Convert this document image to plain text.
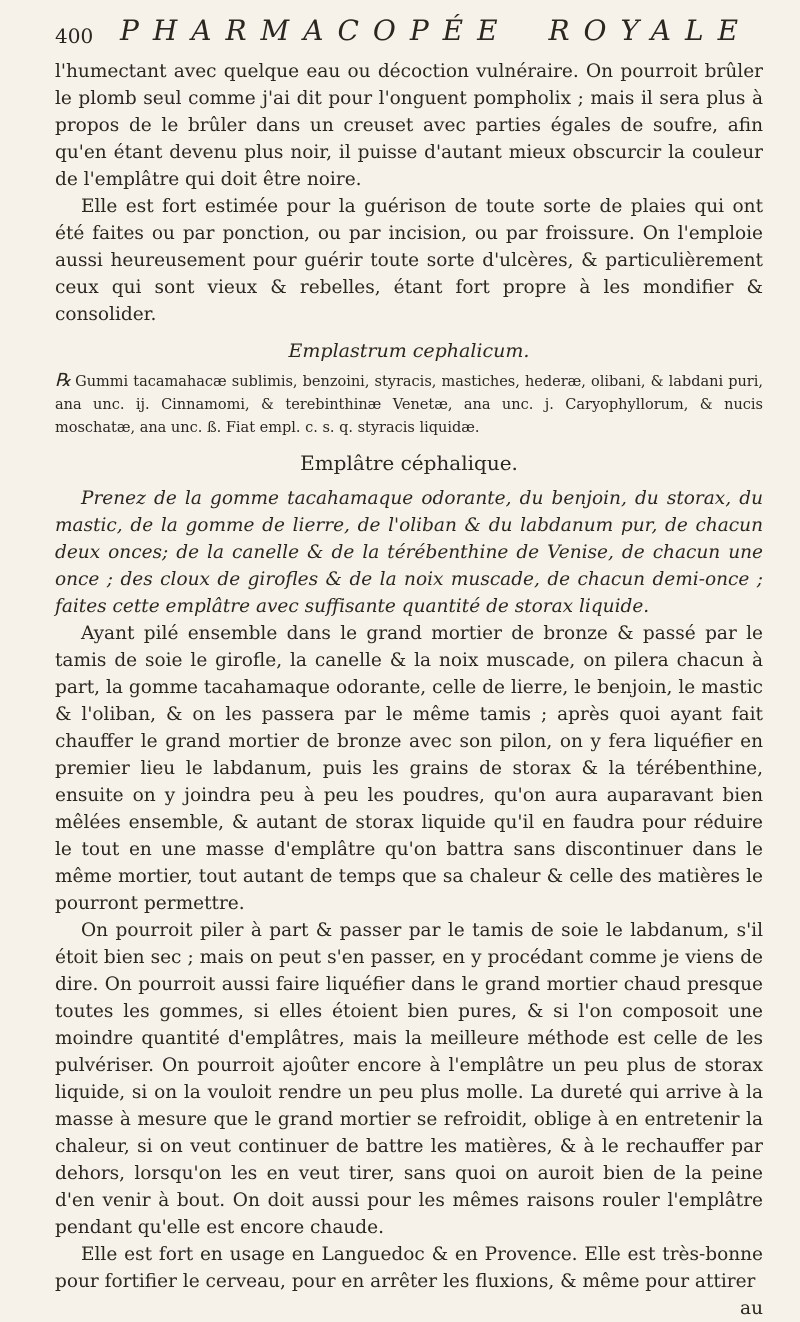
400 PHARMACOPÉE ROYALE

l'humectant avec quelque eau ou décoction vulnéraire. On pourroit brûler le plomb seul comme j'ai dit pour l'onguent pompholix ; mais il sera plus à propos de le brûler dans un creuset avec parties égales de soufre, afin qu'en étant devenu plus noir, il puisse d'autant mieux obscurcir la couleur de l'emplâtre qui doit être noire.

Elle est fort estimée pour la guérison de toute sorte de plaies qui ont été faites ou par ponction, ou par incision, ou par froissure. On l'emploie aussi heureusement pour guérir toute sorte d'ulcères, & particulièrement ceux qui sont vieux & rebelles, étant fort propre à les mondifier & consolider.

Emplastrum cephalicum.

℞ Gummi tacamahacæ sublimis, benzoini, styracis, mastiches, hederæ, olibani, & labdani puri, ana unc. ij. Cinnamomi, & terebinthinæ Venetæ, ana unc. j. Caryophyllorum, & nucis moschatæ, ana unc. ß. Fiat empl. c. s. q. styracis liquidæ.

Emplâtre céphalique.

Prenez de la gomme tacahamaque odorante, du benjoin, du storax, du mastic, de la gomme de lierre, de l'oliban & du labdanum pur, de chacun deux onces; de la canelle & de la térébenthine de Venise, de chacun une once ; des cloux de girofles & de la noix muscade, de chacun demi-once ; faites cette emplâtre avec suffisante quantité de storax liquide.

Ayant pilé ensemble dans le grand mortier de bronze & passé par le tamis de soie le girofle, la canelle & la noix muscade, on pilera chacun à part, la gomme tacahamaque odorante, celle de lierre, le benjoin, le mastic & l'oliban, & on les passera par le même tamis ; après quoi ayant fait chauffer le grand mortier de bronze avec son pilon, on y fera liquéfier en premier lieu le labdanum, puis les grains de storax & la térébenthine, ensuite on y joindra peu à peu les poudres, qu'on aura auparavant bien mêlées ensemble, & autant de storax liquide qu'il en faudra pour réduire le tout en une masse d'emplâtre qu'on battra sans discontinuer dans le même mortier, tout autant de temps que sa chaleur & celle des matières le pourront permettre.

On pourroit piler à part & passer par le tamis de soie le labdanum, s'il étoit bien sec ; mais on peut s'en passer, en y procédant comme je viens de dire. On pourroit aussi faire liquéfier dans le grand mortier chaud presque toutes les gommes, si elles étoient bien pures, & si l'on composoit une moindre quantité d'emplâtres, mais la meilleure méthode est celle de les pulvériser. On pourroit ajoûter encore à l'emplâtre un peu plus de storax liquide, si on la vouloit rendre un peu plus molle. La dureté qui arrive à la masse à mesure que le grand mortier se refroidit, oblige à en entretenir la chaleur, si on veut continuer de battre les matières, & à le rechauffer par dehors, lorsqu'on les en veut tirer, sans quoi on auroit bien de la peine d'en venir à bout. On doit aussi pour les mêmes raisons rouler l'emplâtre pendant qu'elle est encore chaude.

Elle est fort en usage en Languedoc & en Provence. Elle est très-bonne pour fortifier le cerveau, pour en arrêter les fluxions, & même pour attirer

au
